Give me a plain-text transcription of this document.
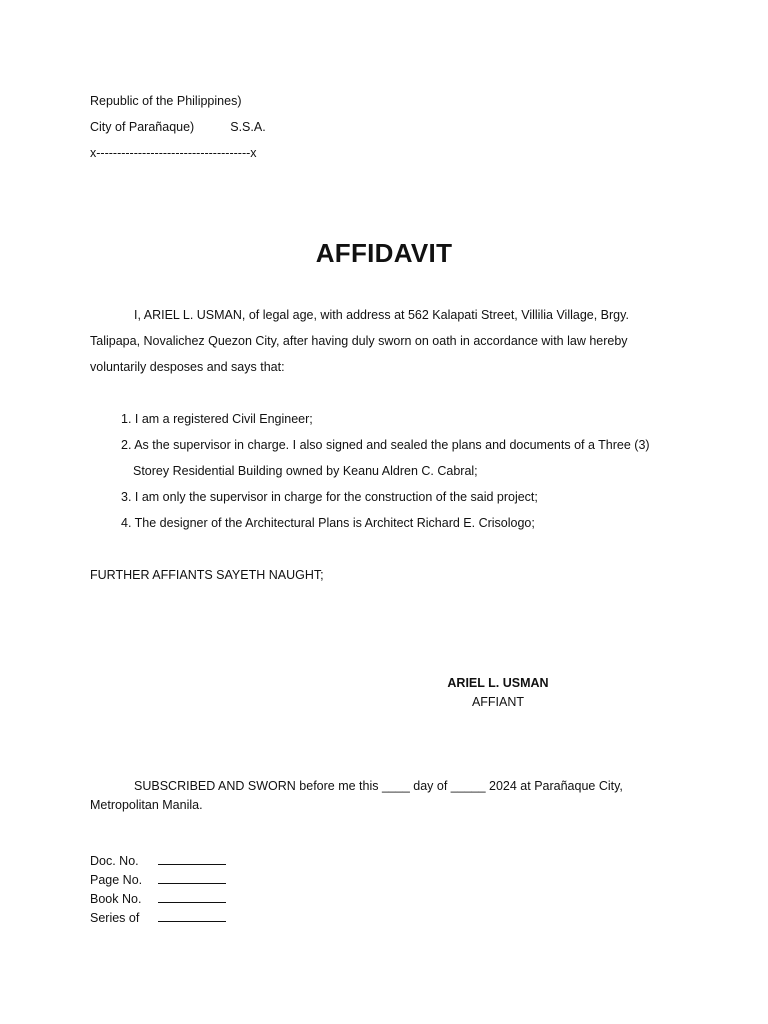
Republic of the Philippines)
City of Parañaque)	S.S.A.
x-------------------------------------x
AFFIDAVIT
I, ARIEL L. USMAN, of legal age, with address at 562 Kalapati Street, Villilia Village, Brgy. Talipapa, Novalichez Quezon City, after having duly sworn on oath in accordance with law hereby voluntarily desposes and says that:
1. I am a registered Civil Engineer;
2. As the supervisor in charge. I also signed and sealed the plans and documents of a Three (3)
Storey Residential Building owned by Keanu Aldren C. Cabral;
3. I am only the supervisor in charge for the construction of the said project;
4. The designer of the Architectural Plans is Architect Richard E. Crisologo;
FURTHER AFFIANTS SAYETH NAUGHT;
ARIEL L. USMAN
AFFIANT
SUBSCRIBED AND SWORN before me this ____ day of _____ 2024 at Parañaque City, Metropolitan Manila.
Doc. No.
Page No.
Book No.
Series of
